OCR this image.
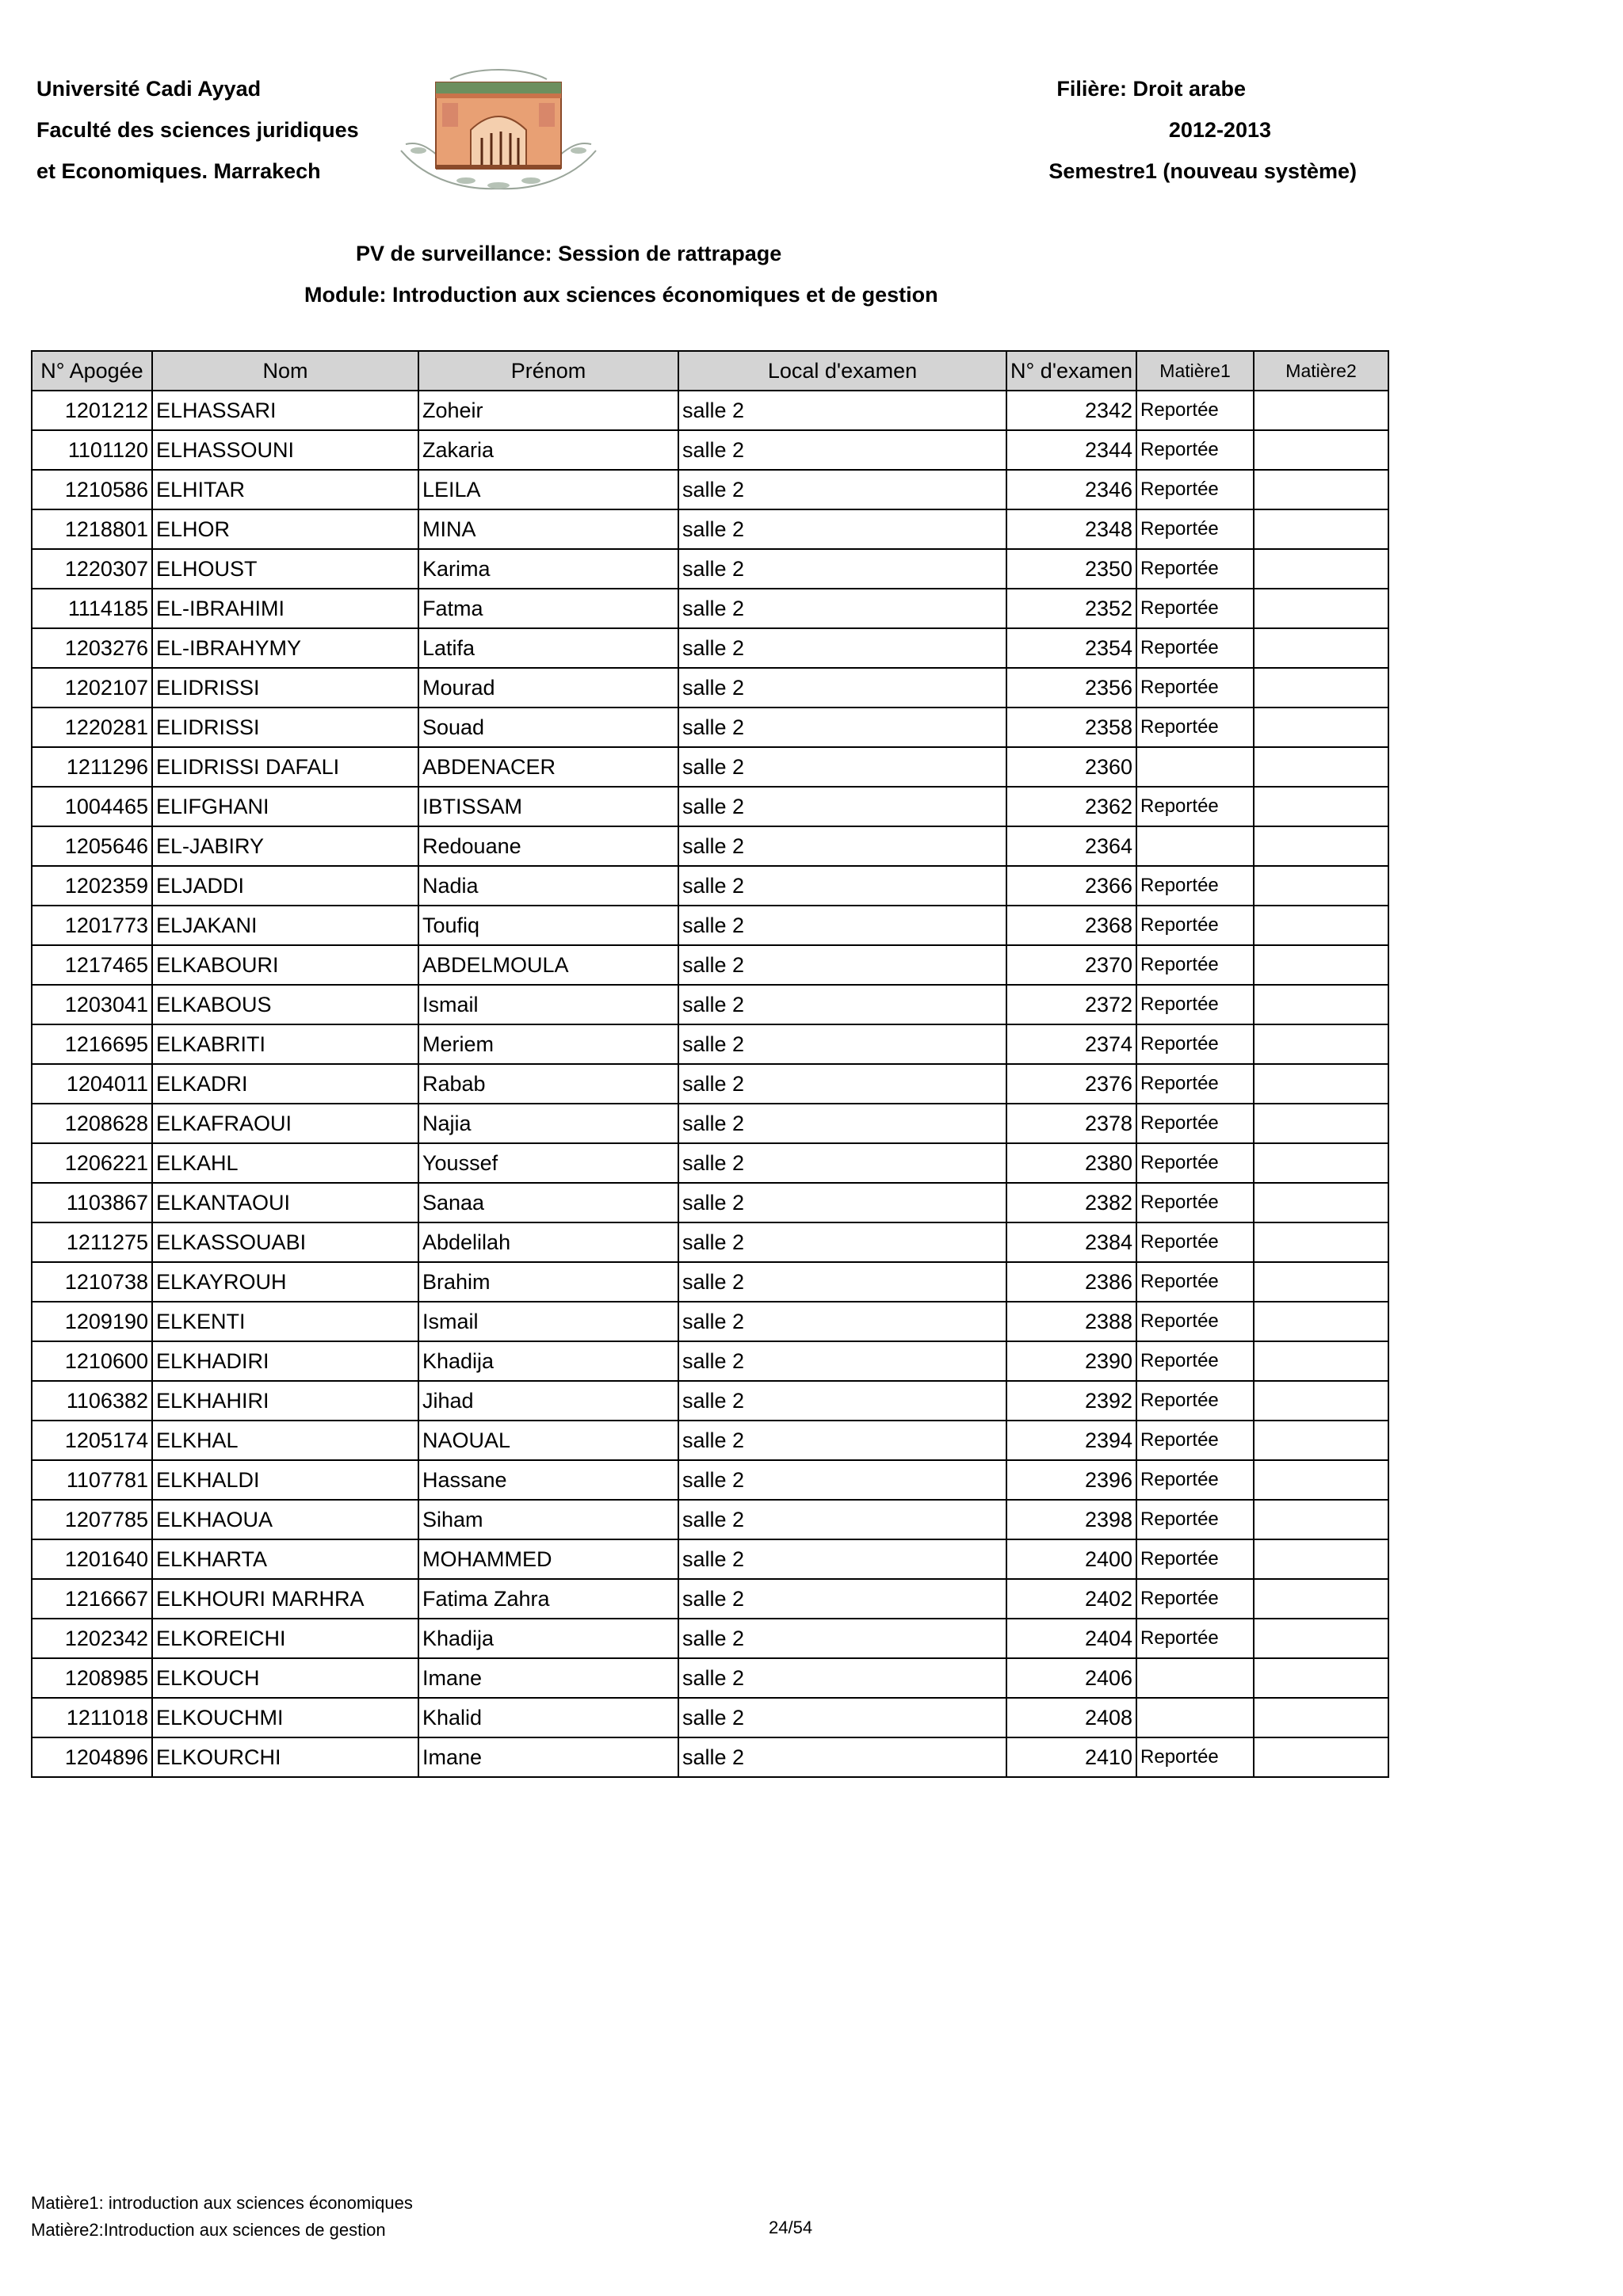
Université Cadi Ayyad
Faculté des sciences juridiques
et Economiques. Marrakech
Filière: Droit arabe
2012-2013
Semestre1 (nouveau système)
PV de surveillance: Session de rattrapage
Module: Introduction aux sciences économiques et de gestion
N° Apogée	Nom	Prénom	Local d'examen	N° d'examen	Matière1	Matière2
1201212	ELHASSARI	Zoheir	salle 2	2342	Reportée	
1101120	ELHASSOUNI	Zakaria	salle 2	2344	Reportée	
1210586	ELHITAR	LEILA	salle 2	2346	Reportée	
1218801	ELHOR	MINA	salle 2	2348	Reportée	
1220307	ELHOUST	Karima	salle 2	2350	Reportée	
1114185	EL-IBRAHIMI	Fatma	salle 2	2352	Reportée	
1203276	EL-IBRAHYMY	Latifa	salle 2	2354	Reportée	
1202107	ELIDRISSI	Mourad	salle 2	2356	Reportée	
1220281	ELIDRISSI	Souad	salle 2	2358	Reportée	
1211296	ELIDRISSI DAFALI	ABDENACER	salle 2	2360		
1004465	ELIFGHANI	IBTISSAM	salle 2	2362	Reportée	
1205646	EL-JABIRY	Redouane	salle 2	2364		
1202359	ELJADDI	Nadia	salle 2	2366	Reportée	
1201773	ELJAKANI	Toufiq	salle 2	2368	Reportée	
1217465	ELKABOURI	ABDELMOULA	salle 2	2370	Reportée	
1203041	ELKABOUS	Ismail	salle 2	2372	Reportée	
1216695	ELKABRITI	Meriem	salle 2	2374	Reportée	
1204011	ELKADRI	Rabab	salle 2	2376	Reportée	
1208628	ELKAFRAOUI	Najia	salle 2	2378	Reportée	
1206221	ELKAHL	Youssef	salle 2	2380	Reportée	
1103867	ELKANTAOUI	Sanaa	salle 2	2382	Reportée	
1211275	ELKASSOUABI	Abdelilah	salle 2	2384	Reportée	
1210738	ELKAYROUH	Brahim	salle 2	2386	Reportée	
1209190	ELKENTI	Ismail	salle 2	2388	Reportée	
1210600	ELKHADIRI	Khadija	salle 2	2390	Reportée	
1106382	ELKHAHIRI	Jihad	salle 2	2392	Reportée	
1205174	ELKHAL	NAOUAL	salle 2	2394	Reportée	
1107781	ELKHALDI	Hassane	salle 2	2396	Reportée	
1207785	ELKHAOUA	Siham	salle 2	2398	Reportée	
1201640	ELKHARTA	MOHAMMED	salle 2	2400	Reportée	
1216667	ELKHOURI MARHRA	Fatima Zahra	salle 2	2402	Reportée	
1202342	ELKOREICHI	Khadija	salle 2	2404	Reportée	
1208985	ELKOUCH	Imane	salle 2	2406		
1211018	ELKOUCHMI	Khalid	salle 2	2408		
1204896	ELKOURCHI	Imane	salle 2	2410	Reportée	
Matière1: introduction aux sciences économiques
Matière2:Introduction aux sciences de gestion	24/54
